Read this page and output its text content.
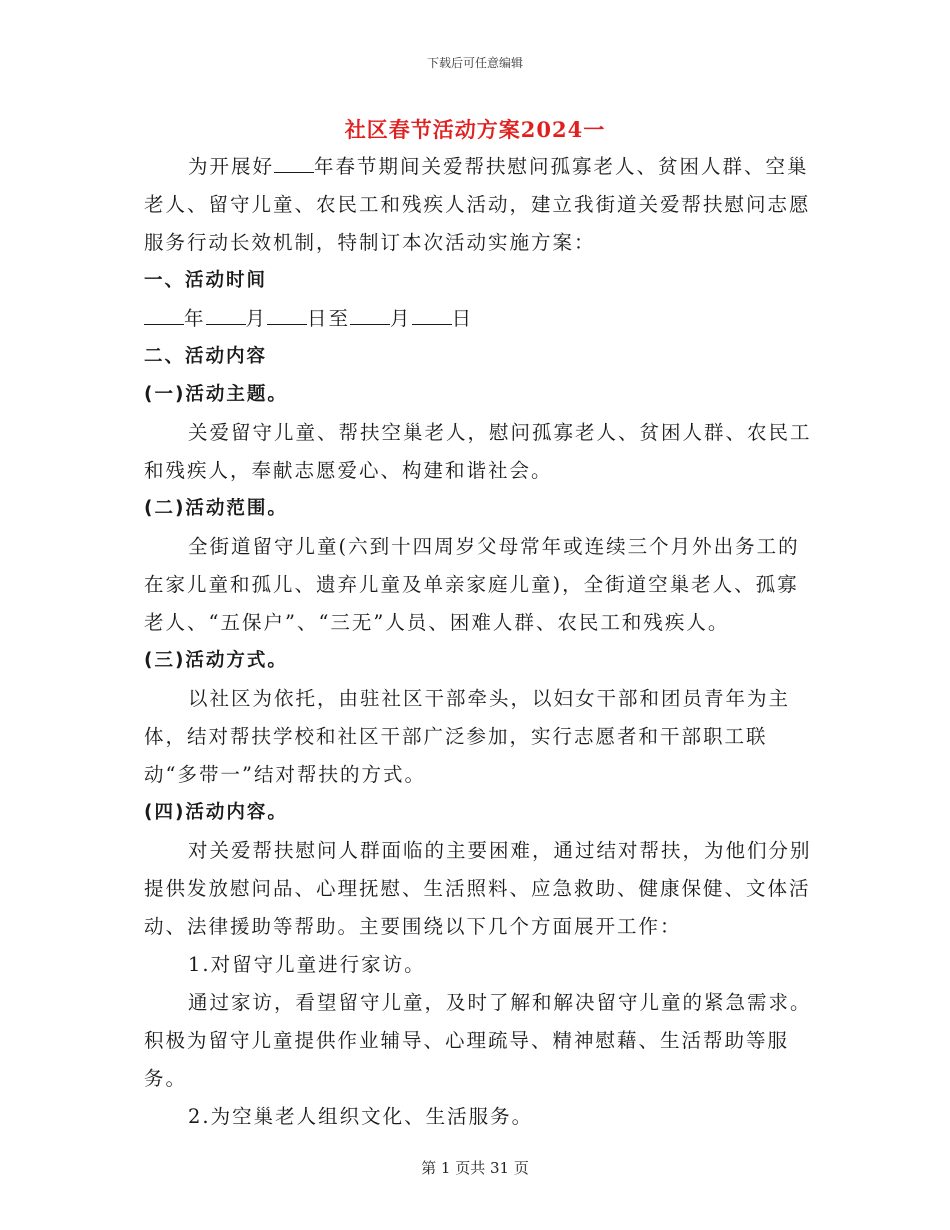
下载后可任意编辑
社区春节活动方案2024一

为开展好 年春节期间关爱帮扶慰问孤寡老人、贫困人群、空巢老人、留守儿童、农民工和残疾人活动，建立我街道关爱帮扶慰问志愿服务行动长效机制，特制订本次活动实施方案：

一、活动时间

年 月 日至 月 日

二、活动内容

(一)活动主题。

关爱留守儿童、帮扶空巢老人，慰问孤寡老人、贫困人群、农民工和残疾人，奉献志愿爱心、构建和谐社会。

(二)活动范围。

全街道留守儿童(六到十四周岁父母常年或连续三个月外出务工的在家儿童和孤儿、遗弃儿童及单亲家庭儿童)，全街道空巢老人、孤寡老人、“五保户”、“三无”人员、困难人群、农民工和残疾人。

(三)活动方式。

以社区为依托，由驻社区干部牵头，以妇女干部和团员青年为主体，结对帮扶学校和社区干部广泛参加，实行志愿者和干部职工联动“多带一”结对帮扶的方式。

(四)活动内容。

对关爱帮扶慰问人群面临的主要困难，通过结对帮扶，为他们分别提供发放慰问品、心理抚慰、生活照料、应急救助、健康保健、文体活动、法律援助等帮助。主要围绕以下几个方面展开工作：

1.对留守儿童进行家访。

通过家访，看望留守儿童，及时了解和解决留守儿童的紧急需求。积极为留守儿童提供作业辅导、心理疏导、精神慰藉、生活帮助等服务。

2.为空巢老人组织文化、生活服务。

第 1 页共 31 页
